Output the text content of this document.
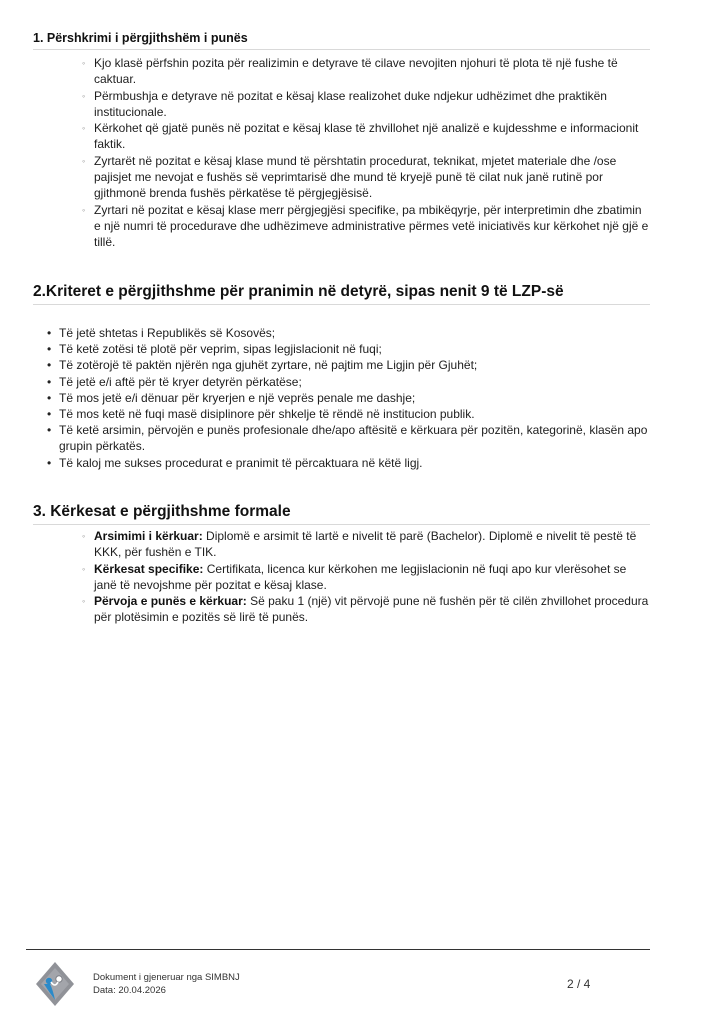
1. Përshkrimi i përgjithshëm i punës
◦ Kjo klasë përfshin pozita për realizimin e detyrave të cilave nevojiten njohuri të plota të një fushe të caktuar.
◦ Përmbushja e detyrave në pozitat e kësaj klase realizohet duke ndjekur udhëzimet dhe praktikën institucionale.
◦ Kërkohet që gjatë punës në pozitat e kësaj klase të zhvillohet një analizë e kujdesshme e informacionit faktik.
◦ Zyrtarët në pozitat e kësaj klase mund të përshtatin procedurat, teknikat, mjetet materiale dhe /ose pajisjet me nevojat e fushës së veprimtarisë dhe mund të kryejë punë të cilat nuk janë rutinë por gjithmonë brenda fushës përkatëse të përgjegjësisë.
◦ Zyrtari në pozitat e kësaj klase merr përgjegjësi specifike, pa mbikëqyrje, për interpretimin dhe zbatimin e një numri të procedurave dhe udhëzimeve administrative përmes vetë iniciativës kur kërkohet një gjë e tillë.
2.Kriteret e përgjithshme për pranimin në detyrë, sipas nenit 9 të LZP-së
• Të jetë shtetas i Republikës së Kosovës;
• Të ketë zotësi të plotë për veprim, sipas legjislacionit në fuqi;
• Të zotërojë të paktën njërën nga gjuhët zyrtare, në pajtim me Ligjin për Gjuhët;
• Të jetë e/i aftë për të kryer detyrën përkatëse;
• Të mos jetë e/i dënuar për kryerjen e një veprës penale me dashje;
• Të mos ketë në fuqi masë disiplinore për shkelje të rëndë në institucion publik.
• Të ketë arsimin, përvojën e punës profesionale dhe/apo aftësitë e kërkuara për pozitën, kategorinë, klasën apo grupin përkatës.
• Të kaloj me sukses procedurat e pranimit të përcaktuara në këtë ligj.
3. Kërkesat e përgjithshme formale
◦ Arsimimi i kërkuar: Diplomë e arsimit të lartë e nivelit të parë (Bachelor). Diplomë e nivelit të pestë të KKK, për fushën e TIK.
◦ Kërkesat specifike: Certifikata, licenca kur kërkohen me legjislacionin në fuqi apo kur vlerësohet se janë të nevojshme për pozitat e kësaj klase.
◦ Përvoja e punës e kërkuar: Së paku 1 (një) vit përvojë pune në fushën për të cilën zhvillohet procedura për plotësimin e pozitës së lirë të punës.
Dokument i gjeneruar nga SIMBNJ
Data: 20.04.2026	2 / 4
